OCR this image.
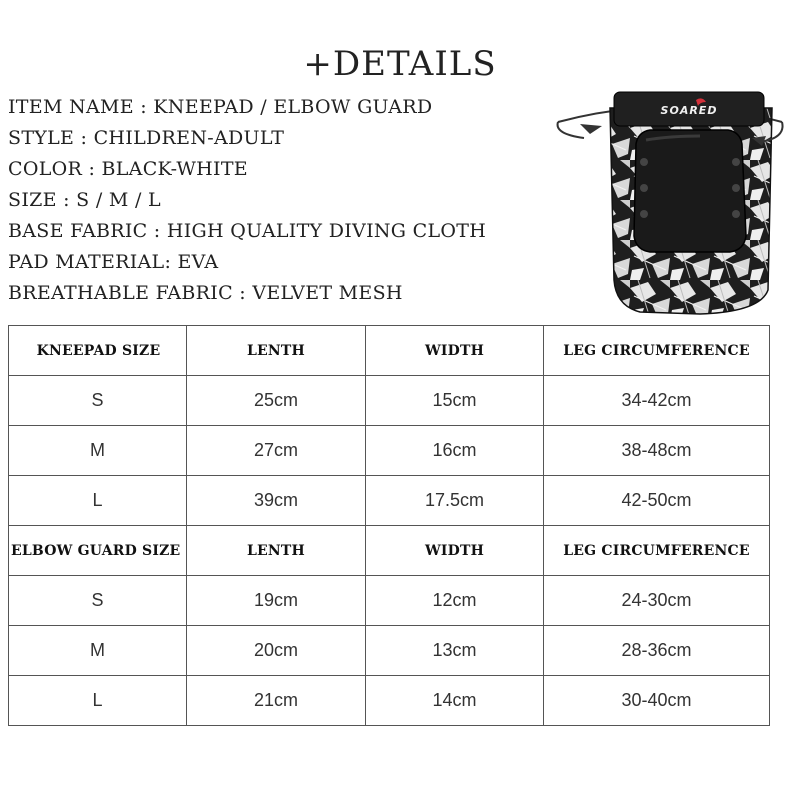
+DETAILS
ITEM NAME : KNEEPAD / ELBOW GUARD
STYLE : CHILDREN-ADULT
COLOR : BLACK-WHITE
SIZE : S / M / L
BASE FABRIC : HIGH QUALITY DIVING CLOTH
PAD MATERIAL: EVA
BREATHABLE FABRIC : VELVET MESH
SOARED
KNEEPAD SIZE	LENTH	WIDTH	LEG CIRCUMFERENCE
S	25cm	15cm	34-42cm
M	27cm	16cm	38-48cm
L	39cm	17.5cm	42-50cm
ELBOW GUARD SIZE	LENTH	WIDTH	LEG CIRCUMFERENCE
S	19cm	12cm	24-30cm
M	20cm	13cm	28-36cm
L	21cm	14cm	30-40cm
